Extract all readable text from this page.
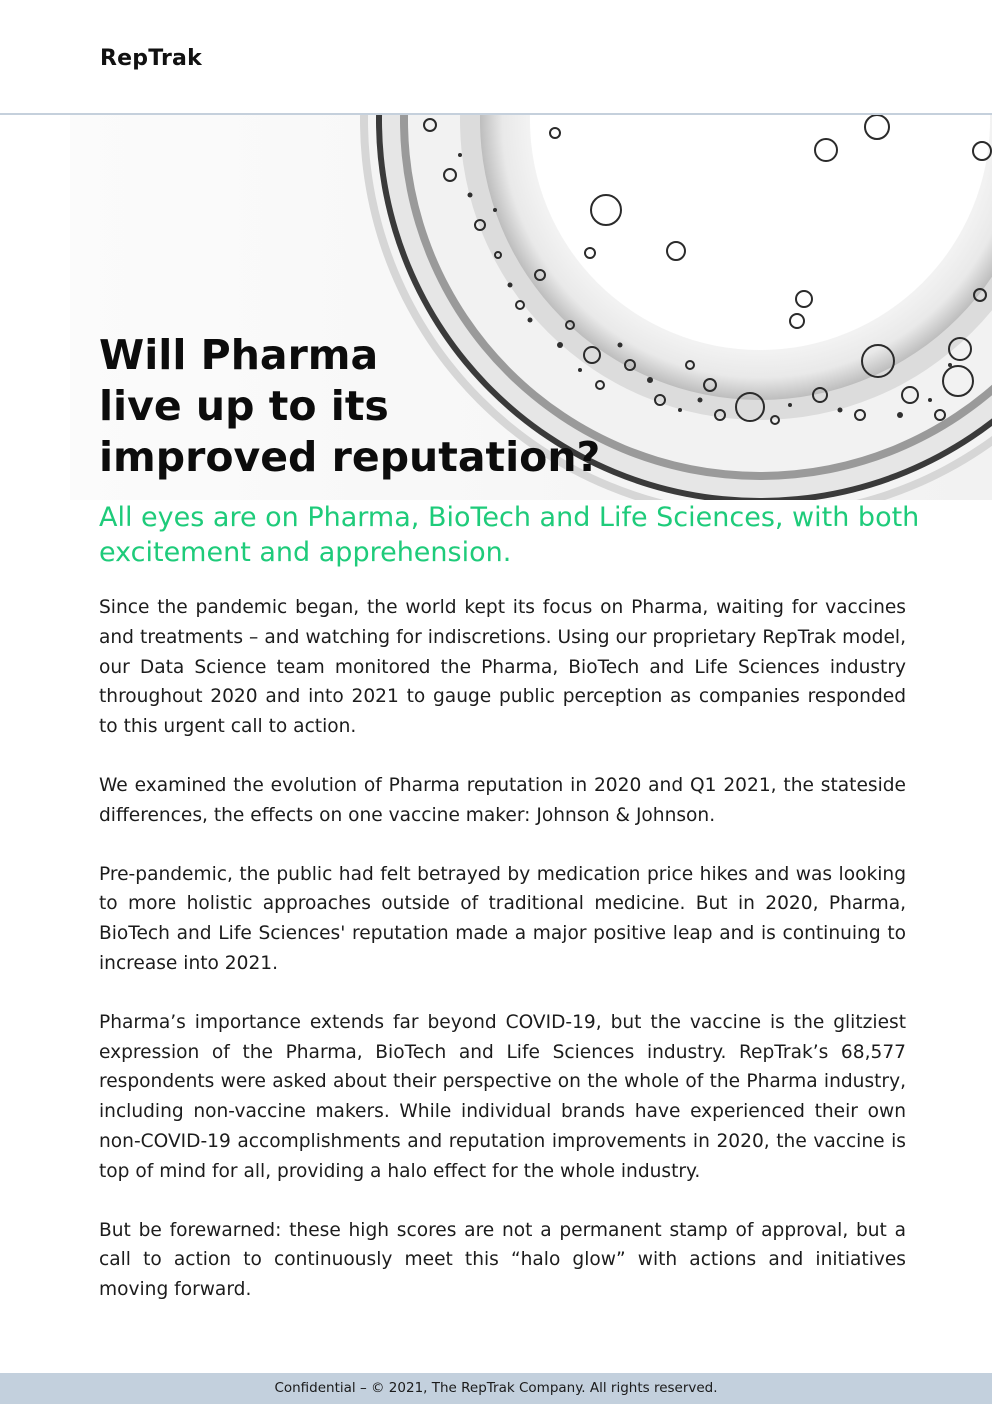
RepTrak
Will Pharma
live up to its
improved reputation?
All eyes are on Pharma, BioTech and Life Sciences, with both excitement and apprehension.

Since the pandemic began, the world kept its focus on Pharma, waiting for vaccines and treatments – and watching for indiscretions. Using our proprietary RepTrak model, our Data Science team monitored the Pharma, BioTech and Life Sciences industry throughout 2020 and into 2021 to gauge public perception as companies responded to this urgent call to action.

We examined the evolution of Pharma reputation in 2020 and Q1 2021, the stateside differences, the effects on one vaccine maker: Johnson & Johnson.

Pre-pandemic, the public had felt betrayed by medication price hikes and was looking to more holistic approaches outside of traditional medicine. But in 2020, Pharma, BioTech and Life Sciences' reputation made a major positive leap and is continuing to increase into 2021.

Pharma’s importance extends far beyond COVID-19, but the vaccine is the glitziest expression of the Pharma, BioTech and Life Sciences industry. RepTrak’s 68,577 respondents were asked about their perspective on the whole of the Pharma industry, including non-vaccine makers. While individual brands have experienced their own non-COVID-19 accomplishments and reputation improvements in 2020, the vaccine is top of mind for all, providing a halo effect for the whole industry.

But be forewarned: these high scores are not a permanent stamp of approval, but a call to action to continuously meet this “halo glow” with actions and initiatives moving forward.

Confidential – © 2021, The RepTrak Company. All rights reserved.
